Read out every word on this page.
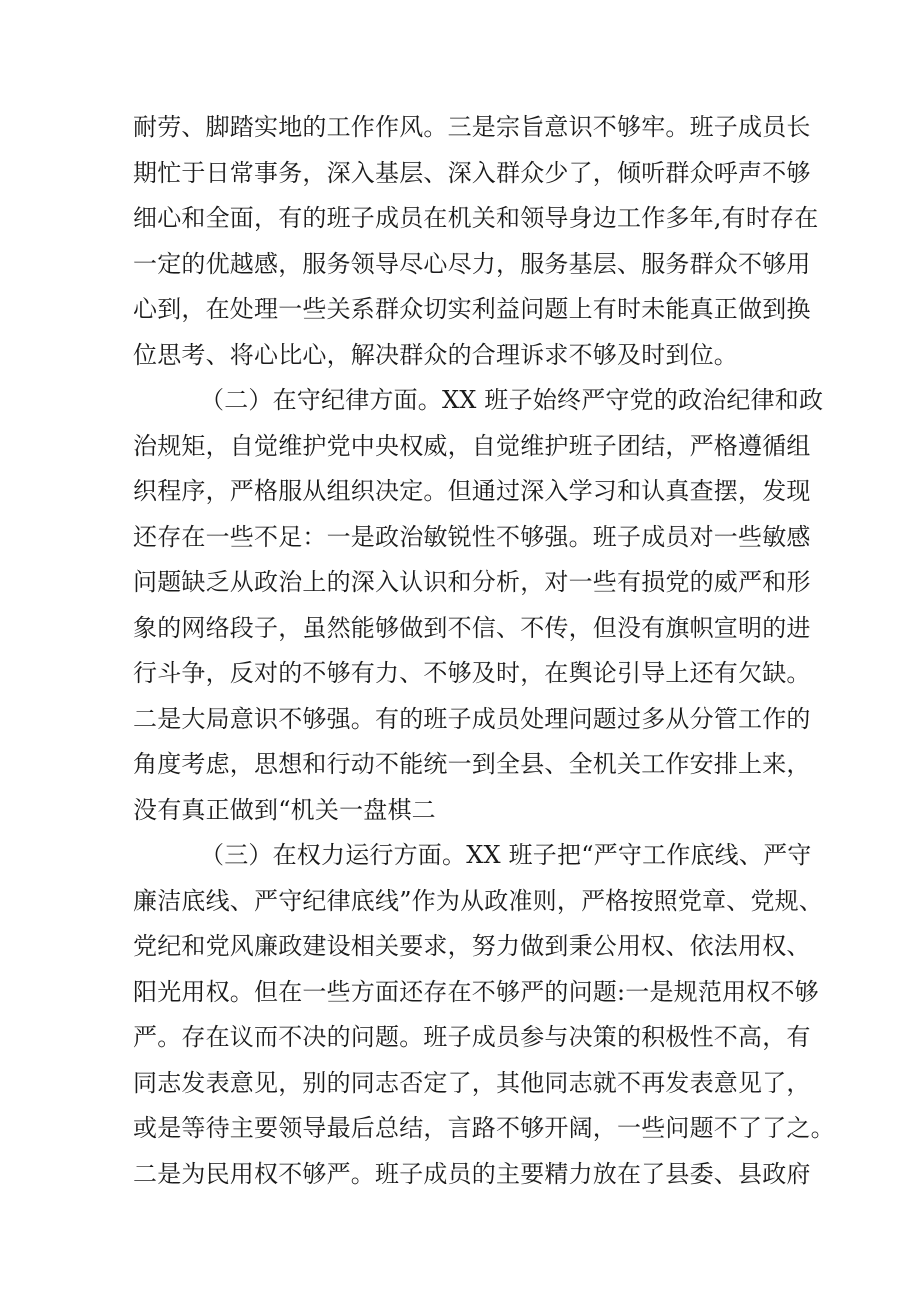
耐劳、脚踏实地的工作作风。三是宗旨意识不够牢。班子成员长
期忙于日常事务，深入基层、深入群众少了，倾听群众呼声不够
细心和全面，有的班子成员在机关和领导身边工作多年,有时存在
一定的优越感，服务领导尽心尽力，服务基层、服务群众不够用
心到，在处理一些关系群众切实利益问题上有时未能真正做到换
位思考、将心比心，解决群众的合理诉求不够及时到位。
（二）在守纪律方面。XX 班子始终严守党的政治纪律和政
治规矩，自觉维护党中央权威，自觉维护班子团结，严格遵循组
织程序，严格服从组织决定。但通过深入学习和认真查摆，发现
还存在一些不足：一是政治敏锐性不够强。班子成员对一些敏感
问题缺乏从政治上的深入认识和分析，对一些有损党的威严和形
象的网络段子，虽然能够做到不信、不传，但没有旗帜宣明的进
行斗争，反对的不够有力、不够及时，在舆论引导上还有欠缺。
二是大局意识不够强。有的班子成员处理问题过多从分管工作的
角度考虑，思想和行动不能统一到全县、全机关工作安排上来，
没有真正做到“机关一盘棋二
（三）在权力运行方面。XX 班子把“严守工作底线、严守
廉洁底线、严守纪律底线”作为从政准则，严格按照党章、党规、
党纪和党风廉政建设相关要求，努力做到秉公用权、依法用权、
阳光用权。但在一些方面还存在不够严的问题:一是规范用权不够
严。存在议而不决的问题。班子成员参与决策的积极性不高，有
同志发表意见，别的同志否定了，其他同志就不再发表意见了，
或是等待主要领导最后总结，言路不够开阔，一些问题不了了之。
二是为民用权不够严。班子成员的主要精力放在了县委、县政府
